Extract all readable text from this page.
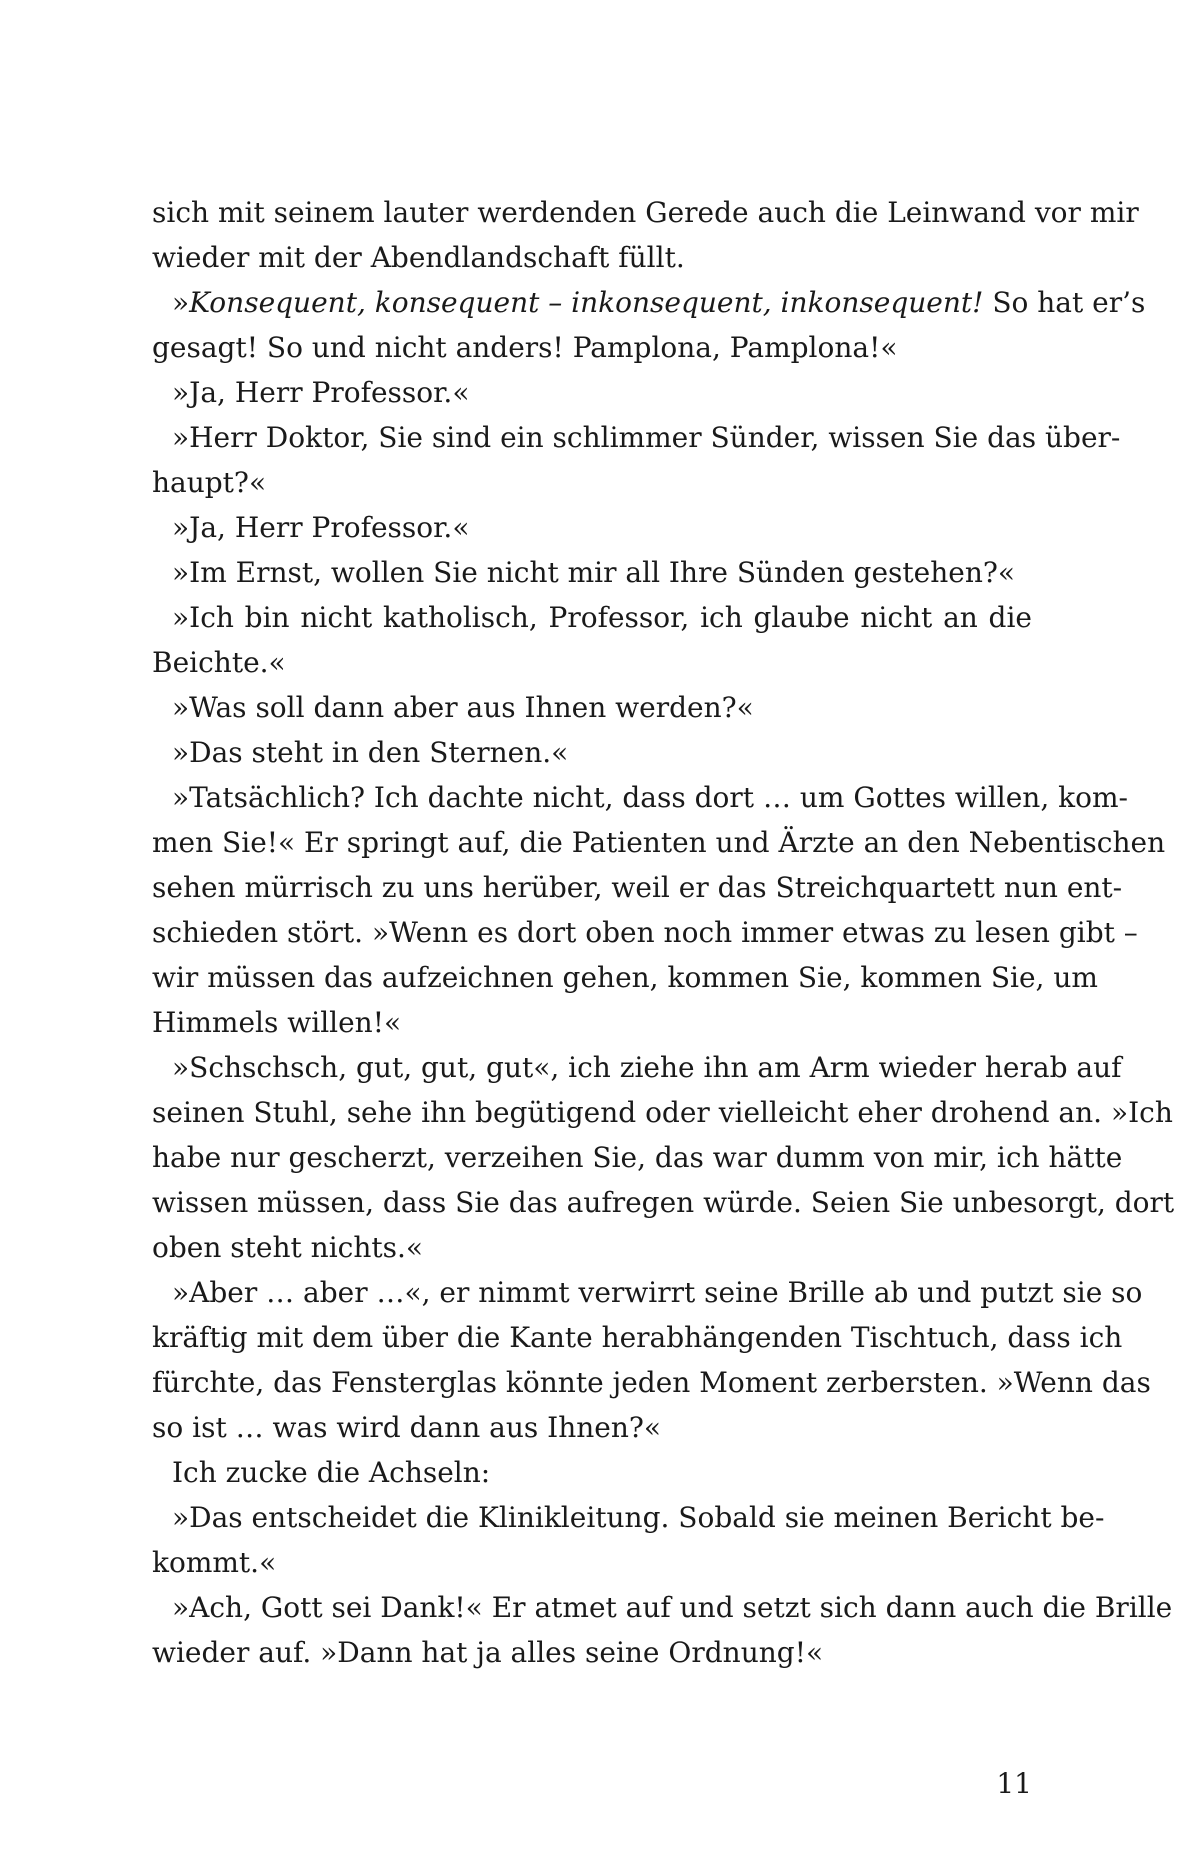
sich mit seinem lauter werdenden Gerede auch die Leinwand vor mir
wieder mit der Abendlandschaft füllt.
»Konsequent, konsequent – inkonsequent, inkonsequent! So hat er’s
gesagt! So und nicht anders! Pamplona, Pamplona!«
»Ja, Herr Professor.«
»Herr Doktor, Sie sind ein schlimmer Sünder, wissen Sie das über-
haupt?«
»Ja, Herr Professor.«
»Im Ernst, wollen Sie nicht mir all Ihre Sünden gestehen?«
»Ich bin nicht katholisch, Professor, ich glaube nicht an die
Beichte.«
»Was soll dann aber aus Ihnen werden?«
»Das steht in den Sternen.«
»Tatsächlich? Ich dachte nicht, dass dort … um Gottes willen, kom-
men Sie!« Er springt auf, die Patienten und Ärzte an den Nebentischen
sehen mürrisch zu uns herüber, weil er das Streichquartett nun ent-
schieden stört. »Wenn es dort oben noch immer etwas zu lesen gibt –
wir müssen das aufzeichnen gehen, kommen Sie, kommen Sie, um
Himmels willen!«
»Schschsch, gut, gut, gut«, ich ziehe ihn am Arm wieder herab auf
seinen Stuhl, sehe ihn begütigend oder vielleicht eher drohend an. »Ich
habe nur gescherzt, verzeihen Sie, das war dumm von mir, ich hätte
wissen müssen, dass Sie das aufregen würde. Seien Sie unbesorgt, dort
oben steht nichts.«
»Aber … aber …«, er nimmt verwirrt seine Brille ab und putzt sie so
kräftig mit dem über die Kante herabhängenden Tischtuch, dass ich
fürchte, das Fensterglas könnte jeden Moment zerbersten. »Wenn das
so ist … was wird dann aus Ihnen?«
Ich zucke die Achseln:
»Das entscheidet die Klinikleitung. Sobald sie meinen Bericht be-
kommt.«
»Ach, Gott sei Dank!« Er atmet auf und setzt sich dann auch die Brille
wieder auf. »Dann hat ja alles seine Ordnung!«
11
